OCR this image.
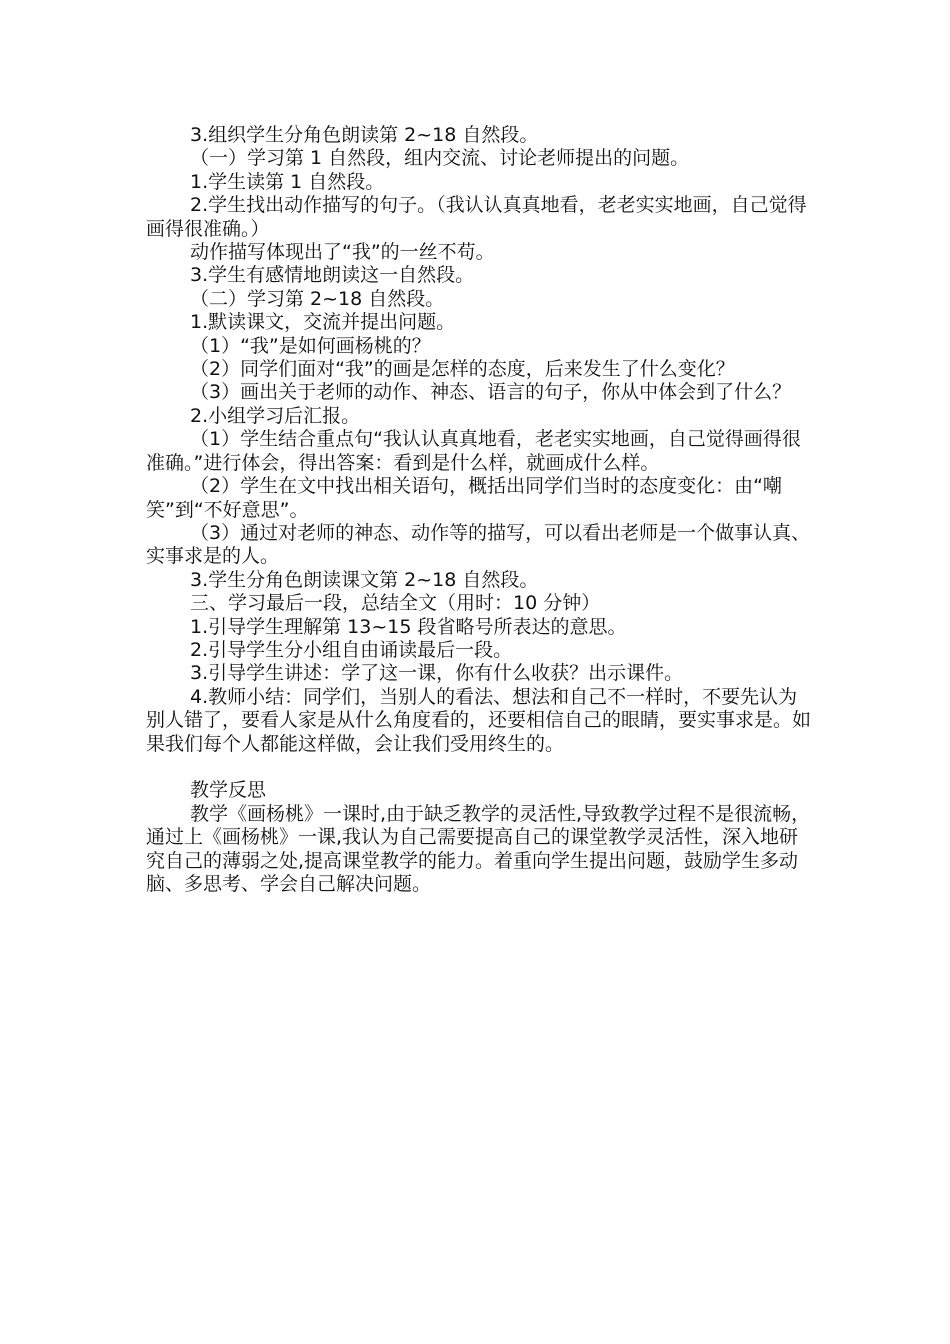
3.组织学生分角色朗读第 2~18 自然段。

（一）学习第 1 自然段，组内交流、讨论老师提出的问题。

1.学生读第 1 自然段。

2.学生找出动作描写的句子。（我认认真真地看，老老实实地画，自己觉得画得很准确。）

动作描写体现出了“我”的一丝不苟。

3.学生有感情地朗读这一自然段。

（二）学习第 2~18 自然段。

1.默读课文，交流并提出问题。

（1）“我”是如何画杨桃的？

（2）同学们面对“我”的画是怎样的态度，后来发生了什么变化？

（3）画出关于老师的动作、神态、语言的句子，你从中体会到了什么？

2.小组学习后汇报。

（1）学生结合重点句“我认认真真地看，老老实实地画，自己觉得画得很准确。”进行体会，得出答案：看到是什么样，就画成什么样。

（2）学生在文中找出相关语句，概括出同学们当时的态度变化：由“嘲笑”到“不好意思”。

（3）通过对老师的神态、动作等的描写，可以看出老师是一个做事认真、实事求是的人。

3.学生分角色朗读课文第 2~18 自然段。

三、学习最后一段，总结全文（用时：10 分钟）

1.引导学生理解第 13~15 段省略号所表达的意思。

2.引导学生分小组自由诵读最后一段。

3.引导学生讲述：学了这一课，你有什么收获？出示课件。

4.教师小结：同学们，当别人的看法、想法和自己不一样时，不要先认为别人错了，要看人家是从什么角度看的，还要相信自己的眼睛，要实事求是。如果我们每个人都能这样做，会让我们受用终生的。

教学反思

教学《画杨桃》一课时,由于缺乏教学的灵活性,导致教学过程不是很流畅，通过上《画杨桃》一课,我认为自己需要提高自己的课堂教学灵活性，深入地研究自己的薄弱之处,提高课堂教学的能力。着重向学生提出问题，鼓励学生多动脑、多思考、学会自己解决问题。
